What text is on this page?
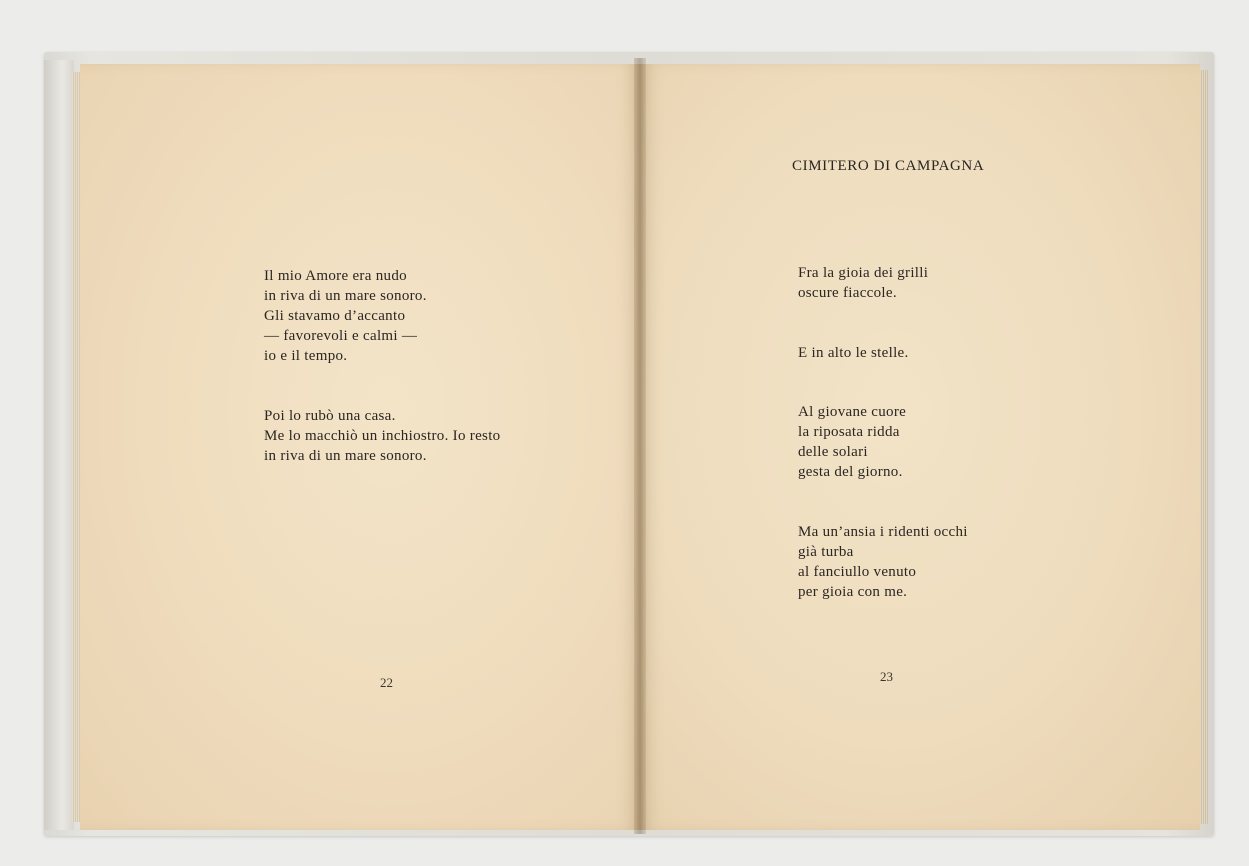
Il mio Amore era nudo
in riva di un mare sonoro.
Gli stavamo d’accanto
— favorevoli e calmi —
io e il tempo.
Poi lo rubò una casa.
Me lo macchiò un inchiostro. Io resto
in riva di un mare sonoro.
22
CIMITERO DI CAMPAGNA
Fra la gioia dei grilli
oscure fiaccole.
E in alto le stelle.
Al giovane cuore
la riposata ridda
delle solari
gesta del giorno.
Ma un’ansia i ridenti occhi
già turba
al fanciullo venuto
per gioia con me.
23
